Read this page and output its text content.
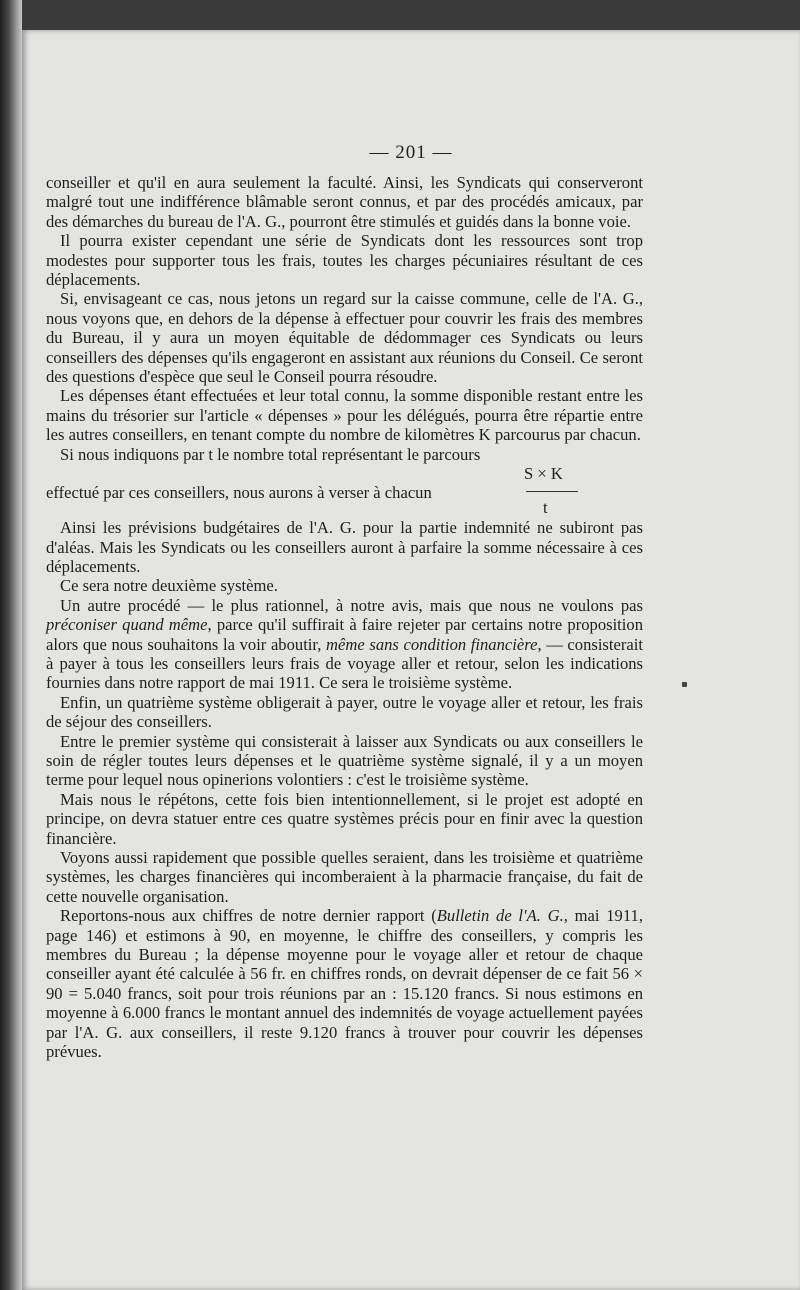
— 201 —

conseiller et qu'il en aura seulement la faculté. Ainsi, les Syndicats qui conserveront malgré tout une indifférence blâmable seront connus, et par des procédés amicaux, par des démarches du bureau de l'A. G., pourront être stimulés et guidés dans la bonne voie.

Il pourra exister cependant une série de Syndicats dont les ressources sont trop modestes pour supporter tous les frais, toutes les charges pécuniaires résultant de ces déplacements.

Si, envisageant ce cas, nous jetons un regard sur la caisse commune, celle de l'A. G., nous voyons que, en dehors de la dépense à effectuer pour couvrir les frais des membres du Bureau, il y aura un moyen équitable de dédommager ces Syndicats ou leurs conseillers des dépenses qu'ils engageront en assistant aux réunions du Conseil. Ce seront des questions d'espèce que seul le Conseil pourra résoudre.

Les dépenses étant effectuées et leur total connu, la somme disponible restant entre les mains du trésorier sur l'article « dépenses » pour les délégués, pourra être répartie entre les autres conseillers, en tenant compte du nombre de kilomètres K parcourus par chacun.

Si nous indiquons par t le nombre total représentant le parcours

effectué par ces conseillers, nous aurons à verser à chacun
S × K
t

Ainsi les prévisions budgétaires de l'A. G. pour la partie indemnité ne subiront pas d'aléas. Mais les Syndicats ou les conseillers auront à parfaire la somme nécessaire à ces déplacements.

Ce sera notre deuxième système.

Un autre procédé — le plus rationnel, à notre avis, mais que nous ne voulons pas préconiser quand même, parce qu'il suffirait à faire rejeter par certains notre proposition alors que nous souhaitons la voir aboutir, même sans condition financière, — consisterait à payer à tous les conseillers leurs frais de voyage aller et retour, selon les indications fournies dans notre rapport de mai 1911. Ce sera le troisième système.

Enfin, un quatrième système obligerait à payer, outre le voyage aller et retour, les frais de séjour des conseillers.

Entre le premier système qui consisterait à laisser aux Syndicats ou aux conseillers le soin de régler toutes leurs dépenses et le quatrième système signalé, il y a un moyen terme pour lequel nous opinerions volontiers : c'est le troisième système.

Mais nous le répétons, cette fois bien intentionnellement, si le projet est adopté en principe, on devra statuer entre ces quatre systèmes précis pour en finir avec la question financière.

Voyons aussi rapidement que possible quelles seraient, dans les troisième et quatrième systèmes, les charges financières qui incomberaient à la pharmacie française, du fait de cette nouvelle organisation.

Reportons-nous aux chiffres de notre dernier rapport (Bulletin de l'A. G., mai 1911, page 146) et estimons à 90, en moyenne, le chiffre des conseillers, y compris les membres du Bureau ; la dépense moyenne pour le voyage aller et retour de chaque conseiller ayant été calculée à 56 fr. en chiffres ronds, on devrait dépenser de ce fait 56 × 90 = 5.040 francs, soit pour trois réunions par an : 15.120 francs. Si nous estimons en moyenne à 6.000 francs le montant annuel des indemnités de voyage actuellement payées par l'A. G. aux conseillers, il reste 9.120 francs à trouver pour couvrir les dépenses prévues.
